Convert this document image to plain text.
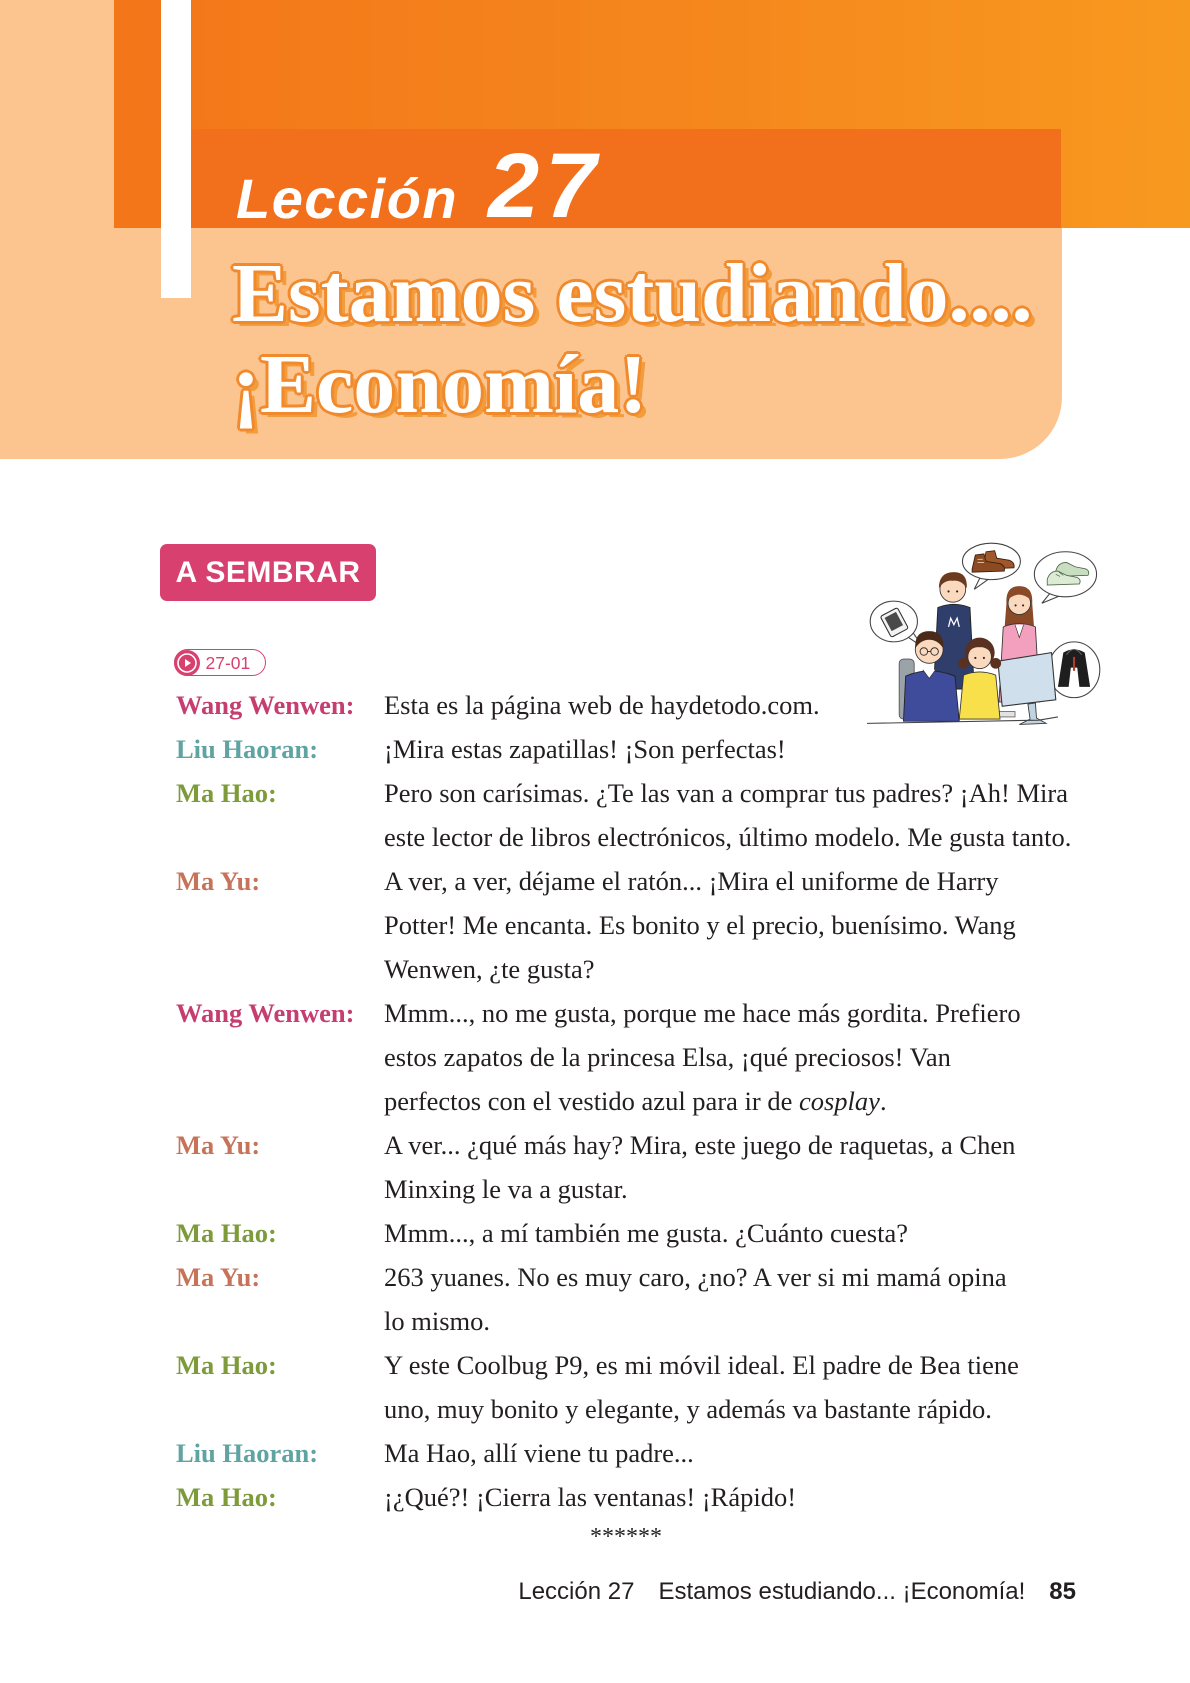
Lección 27
Estamos estudiando....
¡Economía!
A SEMBRAR
27-01
Wang Wenwen:	Esta es la página web de haydetodo.com.
Liu Haoran:	¡Mira estas zapatillas! ¡Son perfectas!
Ma Hao:	Pero son carísimas. ¿Te las van a comprar tus padres? ¡Ah! Mira
este lector de libros electrónicos, último modelo. Me gusta tanto.
Ma Yu:	A ver, a ver, déjame el ratón... ¡Mira el uniforme de Harry
Potter! Me encanta. Es bonito y el precio, buenísimo. Wang
Wenwen, ¿te gusta?
Wang Wenwen:	Mmm..., no me gusta, porque me hace más gordita. Prefiero
estos zapatos de la princesa Elsa, ¡qué preciosos! Van
perfectos con el vestido azul para ir de cosplay.
Ma Yu:	A ver... ¿qué más hay? Mira, este juego de raquetas, a Chen
Minxing le va a gustar.
Ma Hao:	Mmm..., a mí también me gusta. ¿Cuánto cuesta?
Ma Yu:	263 yuanes. No es muy caro, ¿no? A ver si mi mamá opina
lo mismo.
Ma Hao:	Y este Coolbug P9, es mi móvil ideal. El padre de Bea tiene
uno, muy bonito y elegante, y además va bastante rápido.
Liu Haoran:	Ma Hao, allí viene tu padre...
Ma Hao:	¡¿Qué?! ¡Cierra las ventanas! ¡Rápido!
******
Lección 27 Estamos estudiando... ¡Economía! 85
